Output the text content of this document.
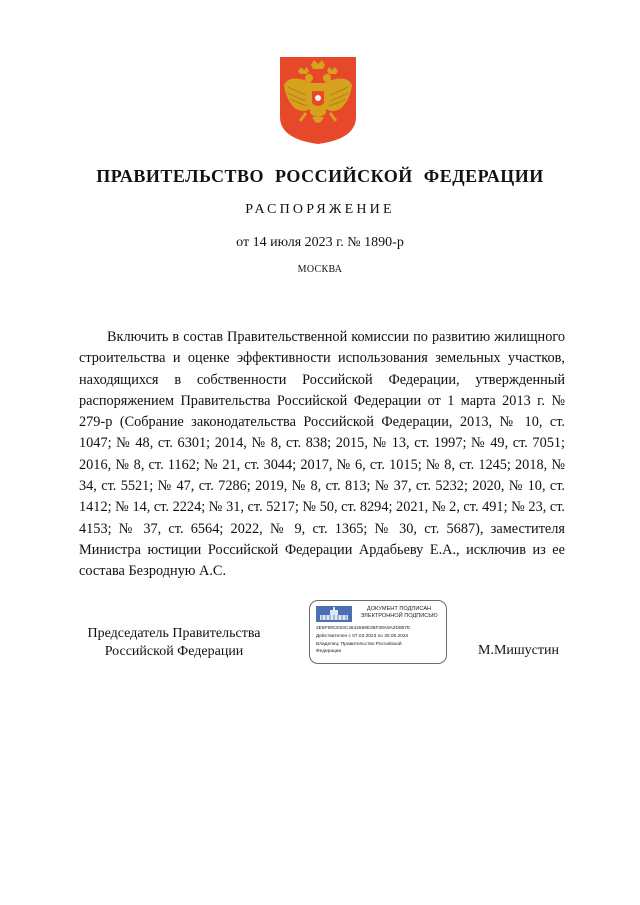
ПРАВИТЕЛЬСТВО РОССИЙСКОЙ ФЕДЕРАЦИИ
РАСПОРЯЖЕНИЕ
от 14 июля 2023 г. № 1890-р
МОСКВА
Включить в состав Правительственной комиссии по развитию жилищного строительства и оценке эффективности использования земельных участков, находящихся в собственности Российской Федерации, утвержденный распоряжением Правительства Российской Федерации от 1 марта 2013 г. № 279-р (Собрание законодательства Российской Федерации, 2013, № 10, ст. 1047; № 48, ст. 6301; 2014, № 8, ст. 838; 2015, № 13, ст. 1997; № 49, ст. 7051; 2016, № 8, ст. 1162; № 21, ст. 3044; 2017, № 6, ст. 1015; № 8, ст. 1245; 2018, № 34, ст. 5521; № 47, ст. 7286; 2019, № 8, ст. 813; № 37, ст. 5232; 2020, № 10, ст. 1412; № 14, ст. 2224; № 31, ст. 5217; № 50, ст. 8294; 2021, № 2, ст. 491; № 23, ст. 4153; № 37, ст. 6564; 2022, № 9, ст. 1365; № 30, ст. 5687), заместителя Министра юстиции Российской Федерации Ардабьеву Е.А., исключив из ее состава Безродную А.С.
Председатель Правительства
Российской Федерации
ДОКУМЕНТ ПОДПИСАН
ЭЛЕКТРОННОЙ ПОДПИСЬЮ
2E6F99CE53C4642668E36F38A9A3D867E
Действителен с 07.03.2023 по 30.05.2024
Владелец: Правительство Российской
Федерации	М.Мишустин
